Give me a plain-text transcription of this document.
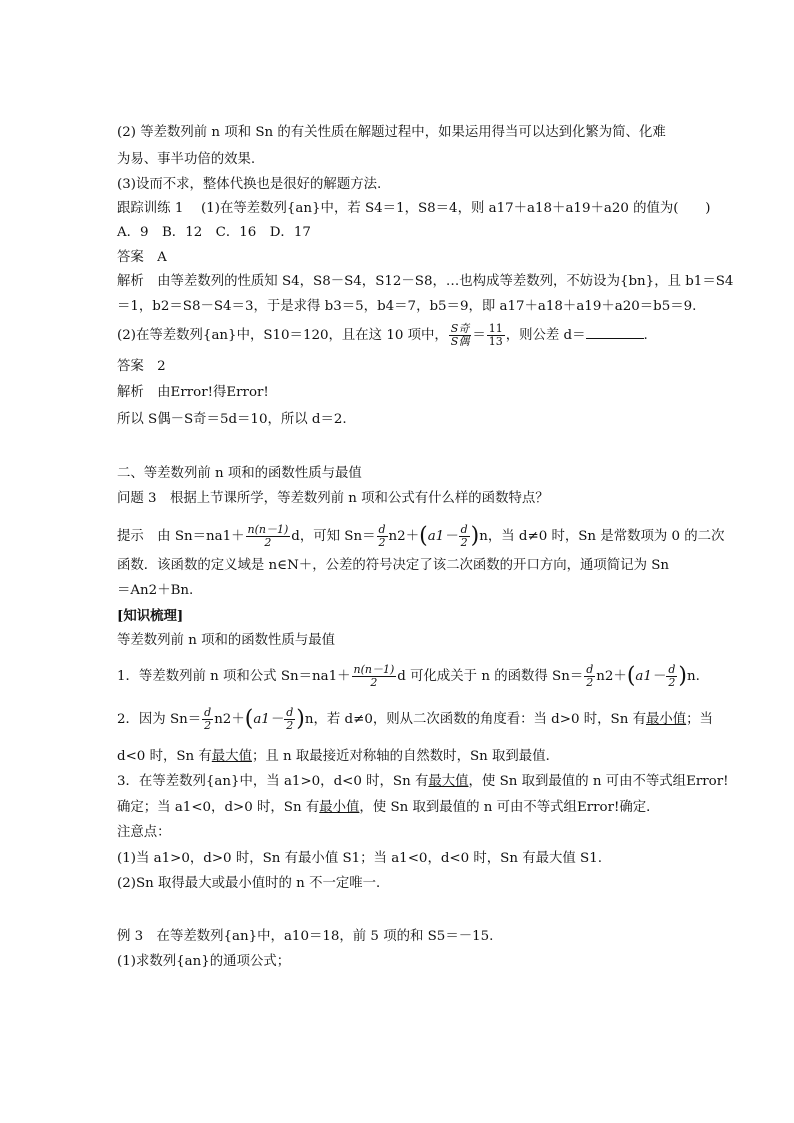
(2) 等差数列前 n 项和 Sn 的有关性质在解题过程中，如果运用得当可以达到化繁为简、化难
为易、事半功倍的效果.
(3)设而不求，整体代换也是很好的解题方法.
跟踪训练 1 　(1)在等差数列{an}中，若 S4＝1，S8＝4，则 a17＋a18＋a19＋a20 的值为(　　)
A．9　B．12　C．16　D．17
答案　A
解析　由等差数列的性质知 S4，S8－S4，S12－S8，…也构成等差数列，不妨设为{bn}，且 b1＝S4
＝1，b2＝S8－S4＝3，于是求得 b3＝5，b4＝7，b5＝9，即 a17＋a18＋a19＋a20＝b5＝9.
(2)在等差数列{an}中，S10＝120，且在这 10 项中， $\frac{\text{S奇}}{\text{S偶}} = \frac{11}{13}$ ，则公差 d＝	.
答案　2
解析　由Error!得Error!
所以 S偶－S奇＝5d＝10，所以 d＝2.
二、等差数列前 n 项和的函数性质与最值
问题 3　根据上节课所学，等差数列前 n 项和公式有什么样的函数特点？
提示　由 $Sn=na1+ \frac{n(n-1)}{2}$ d，可知 $Sn= \frac{d}{2} n2+(a1- \frac{d}{2} )n$，当 d≠0 时，Sn 是常数项为 0 的二次
函数．该函数的定义域是 n∈N＋，公差的符号决定了该二次函数的开口方向，通项简记为 Sn
＝An2＋Bn.
[知识梳理]
等差数列前 n 项和的函数性质与最值
1．等差数列前 n 项和公式 $Sn=na1+ \frac{n(n-1)}{2}$ d 可化成关于 n 的函数得 $Sn= \frac{d}{2} n2+(a1- \frac{d}{2} )n$.
2．因为 $Sn= \frac{d}{2} n2+(a1- \frac{d}{2} )n$，若 d≠0，则从二次函数的角度看：当 d>0 时，Sn 有最小值；当
d<0 时，Sn 有最大值；且 n 取最接近对称轴的自然数时，Sn 取到最值．
3．在等差数列{an}中，当 a1>0，d<0 时，Sn 有最大值，使 Sn 取到最值的 n 可由不等式组Error!
确定；当 a1<0，d>0 时，Sn 有最小值，使 Sn 取到最值的 n 可由不等式组Error!确定．
注意点：
(1)当 a1>0，d>0 时，Sn 有最小值 S1；当 a1<0，d<0 时，Sn 有最大值 S1.
(2)Sn 取得最大或最小值时的 n 不一定唯一．
例 3　在等差数列{an}中，a10＝18，前 5 项的和 S5＝－15.
(1)求数列{an}的通项公式；
